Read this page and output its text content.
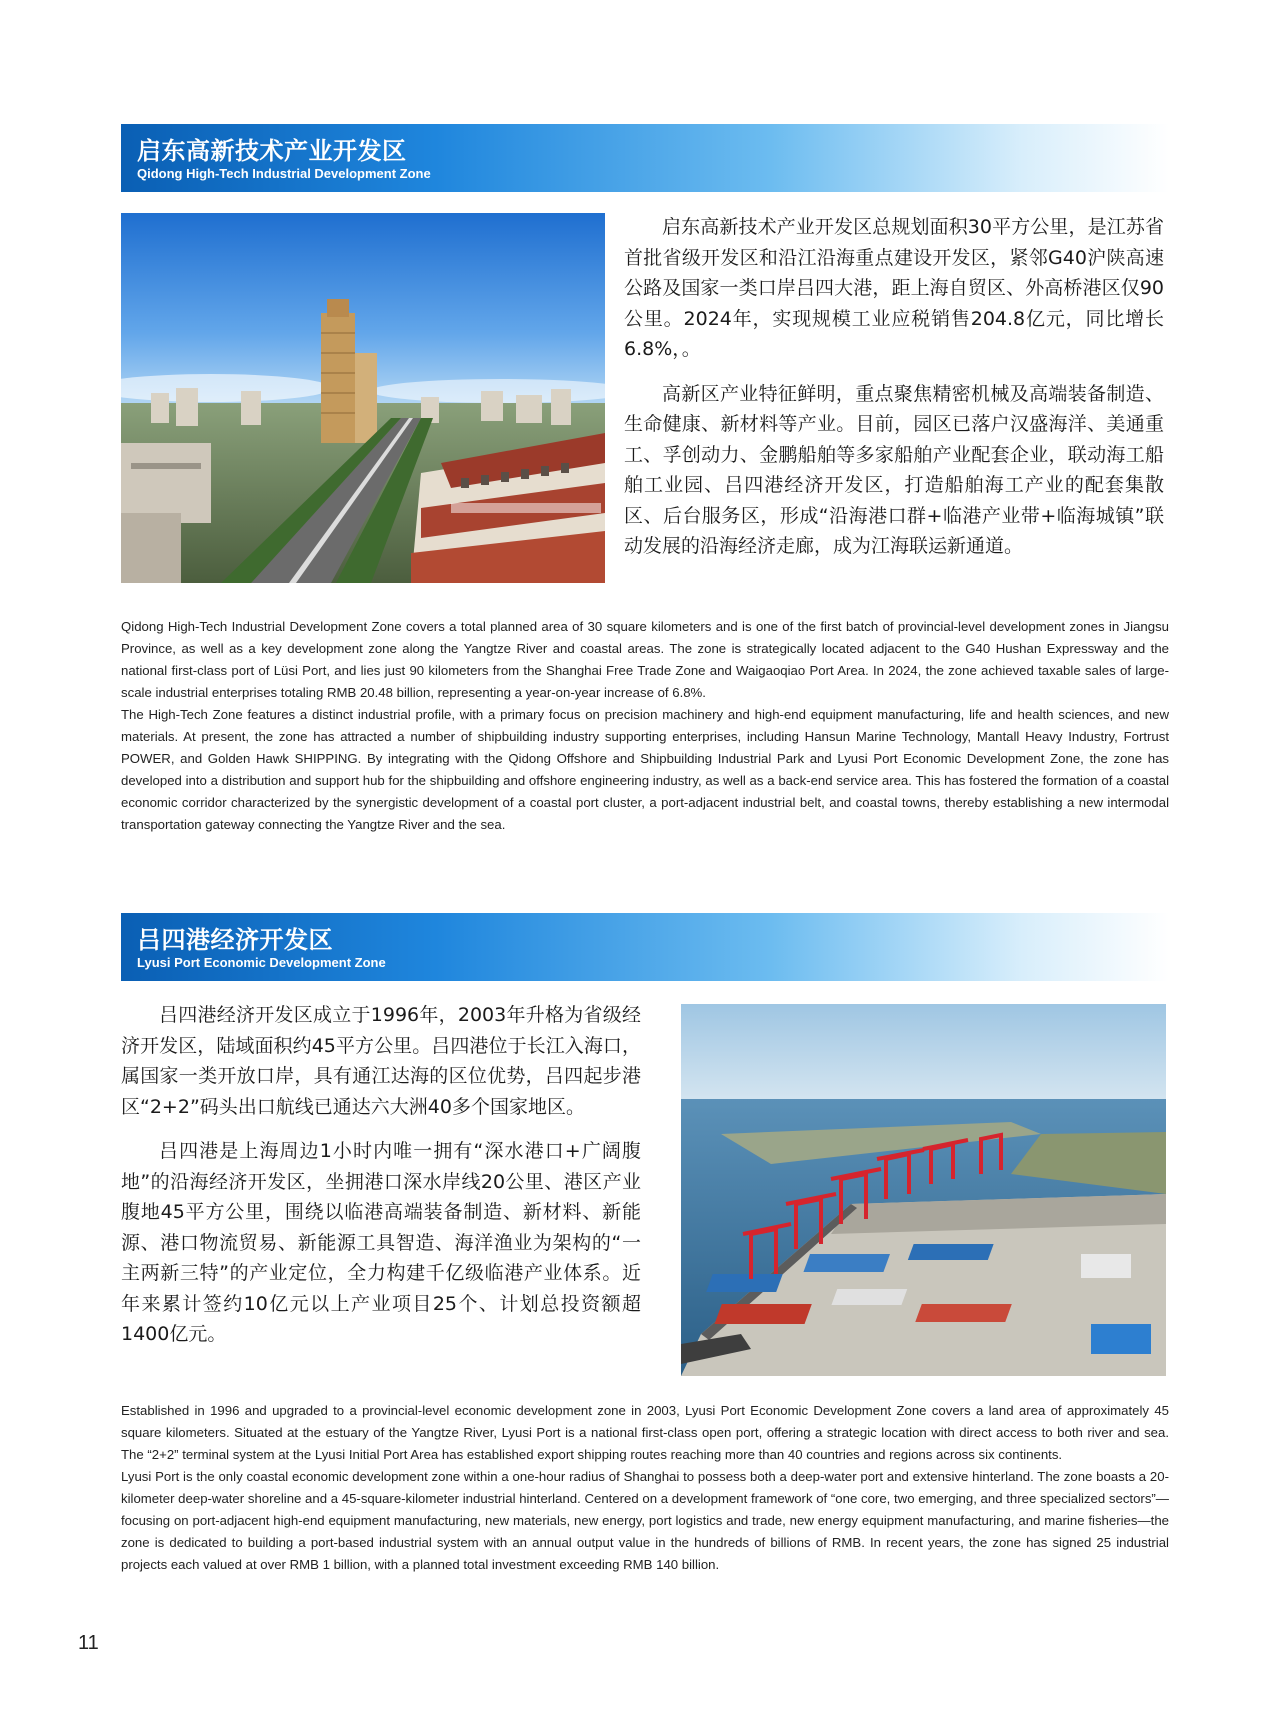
启东高新技术产业开发区
Qidong High-Tech Industrial Development Zone

启东高新技术产业开发区总规划面积30平方公里，是江苏省首批省级开发区和沿江沿海重点建设开发区，紧邻G40沪陕高速公路及国家一类口岸吕四大港，距上海自贸区、外高桥港区仅90公里。2024年，实现规模工业应税销售204.8亿元，同比增长6.8%，。

高新区产业特征鲜明，重点聚焦精密机械及高端装备制造、生命健康、新材料等产业。目前，园区已落户汉盛海洋、美通重工、孚创动力、金鹏船舶等多家船舶产业配套企业，联动海工船舶工业园、吕四港经济开发区，打造船舶海工产业的配套集散区、后台服务区，形成“沿海港口群+临港产业带+临海城镇”联动发展的沿海经济走廊，成为江海联运新通道。

Qidong High-Tech Industrial Development Zone covers a total planned area of 30 square kilometers and is one of the first batch of provincial-level development zones in Jiangsu Province, as well as a key development zone along the Yangtze River and coastal areas. The zone is strategically located adjacent to the G40 Hushan Expressway and the national first-class port of Lüsi Port, and lies just 90 kilometers from the Shanghai Free Trade Zone and Waigaoqiao Port Area. In 2024, the zone achieved taxable sales of large-scale industrial enterprises totaling RMB 20.48 billion, representing a year-on-year increase of 6.8%.

The High-Tech Zone features a distinct industrial profile, with a primary focus on precision machinery and high-end equipment manufacturing, life and health sciences, and new materials. At present, the zone has attracted a number of shipbuilding industry supporting enterprises, including Hansun Marine Technology, Mantall Heavy Industry, Fortrust POWER, and Golden Hawk SHIPPING. By integrating with the Qidong Offshore and Shipbuilding Industrial Park and Lyusi Port Economic Development Zone, the zone has developed into a distribution and support hub for the shipbuilding and offshore engineering industry, as well as a back-end service area. This has fostered the formation of a coastal economic corridor characterized by the synergistic development of a coastal port cluster, a port-adjacent industrial belt, and coastal towns, thereby establishing a new intermodal transportation gateway connecting the Yangtze River and the sea.

吕四港经济开发区
Lyusi Port Economic Development Zone

吕四港经济开发区成立于1996年，2003年升格为省级经济开发区，陆域面积约45平方公里。吕四港位于长江入海口，属国家一类开放口岸，具有通江达海的区位优势，吕四起步港区“2+2”码头出口航线已通达六大洲40多个国家地区。

吕四港是上海周边1小时内唯一拥有“深水港口+广阔腹地”的沿海经济开发区，坐拥港口深水岸线20公里、港区产业腹地45平方公里，围绕以临港高端装备制造、新材料、新能源、港口物流贸易、新能源工具智造、海洋渔业为架构的“一主两新三特”的产业定位，全力构建千亿级临港产业体系。近年来累计签约10亿元以上产业项目25个、计划总投资额超1400亿元。

Established in 1996 and upgraded to a provincial-level economic development zone in 2003, Lyusi Port Economic Development Zone covers a land area of approximately 45 square kilometers. Situated at the estuary of the Yangtze River, Lyusi Port is a national first-class open port, offering a strategic location with direct access to both river and sea. The “2+2” terminal system at the Lyusi Initial Port Area has established export shipping routes reaching more than 40 countries and regions across six continents.

Lyusi Port is the only coastal economic development zone within a one-hour radius of Shanghai to possess both a deep-water port and extensive hinterland. The zone boasts a 20-kilometer deep-water shoreline and a 45-square-kilometer industrial hinterland. Centered on a development framework of “one core, two emerging, and three specialized sectors”—focusing on port-adjacent high-end equipment manufacturing, new materials, new energy, port logistics and trade, new energy equipment manufacturing, and marine fisheries—the zone is dedicated to building a port-based industrial system with an annual output value in the hundreds of billions of RMB. In recent years, the zone has signed 25 industrial projects each valued at over RMB 1 billion, with a planned total investment exceeding RMB 140 billion.

11
